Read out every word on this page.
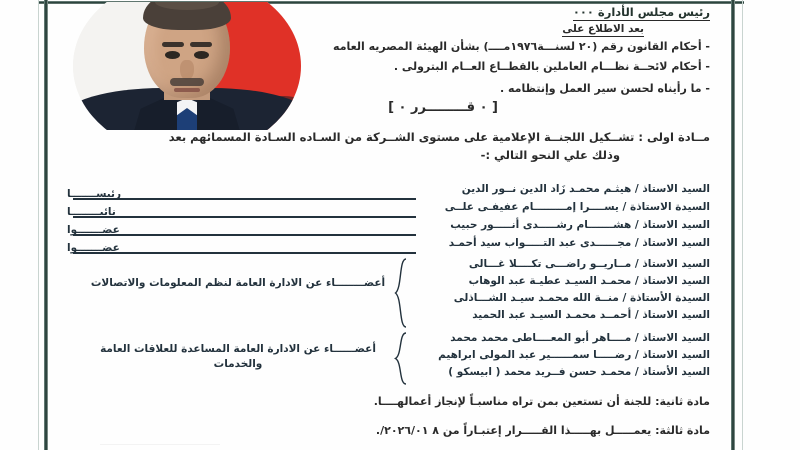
رئيس مجلس الأدارة ۰۰۰
بعد الاطلاع على
- أحكام القانون رقم (٢٠ لسنـــة١٩٧٦مــــ) بشأن الهيئة المصريه العامه
- أحكام لائحــة نظـــام العاملين بالقطــاع العــام البترولى .
- ما رأيناه لحسن سير العمل وإنتظامه .
[ ۰ قـــــــــرر ۰ ]
مــادة اولى : تشــكيل اللجنــة الإعلامية على مستوى الشــركة من السـاده السـادة المسمائهم بعد
وذلك علي النحو التالي :-
السيد الاستاذ / هيثـم محمـد زَاد الدين نــور الدين
رئيســـــــا
السيدة الاستاذة / يســــرا إمـــــــــام عفيفـى علــى
نائبــــــــا
السيد الاستاذ / هشـــــــام رشـــــدى أنـــــور حبيب
عضـــــــوا
السيد الاستاذ / مجــــــدى عبد التـــــواب سيد أحمـد
عضـــــــوا
السيد الاستاذ / مــاريــو راضـــى تكــــلا غـــالى
السيد الاستاذ / محمـد السيـد عطيـة عبد الوهاب
السيدة الأستاذة / منــة الله محمـد سيـد الشـــاذلى
السيد الاستاذ / أحمــد محمـد السيـد عبد الحميد
أعضــــــــاء عن الادارة العامة لنظم المعلومات والاتصالات
السيد الاستاذ / مــــاهر أبو المعــــاطى محمد محمد
السيد الاستاذ / رضـــــا سمــــــير عبد المولى ابراهيم
السيد الأستاذ / محمـد حسن فــريد محمد ( ابيسكو )
أعضــــــاء عن الادارة العامة المساعدة للعلاقات العامة والخدمات
مادة ثانية: للجنة أن تستعين بمن تراه مناسبـاً لإنجاز أعمالهــــا.
مادة ثالثة: يعمـــــل بهـــــذا القـــــرار إعتبـاراً من ٨ ٢٠٢٦/٠١/.
